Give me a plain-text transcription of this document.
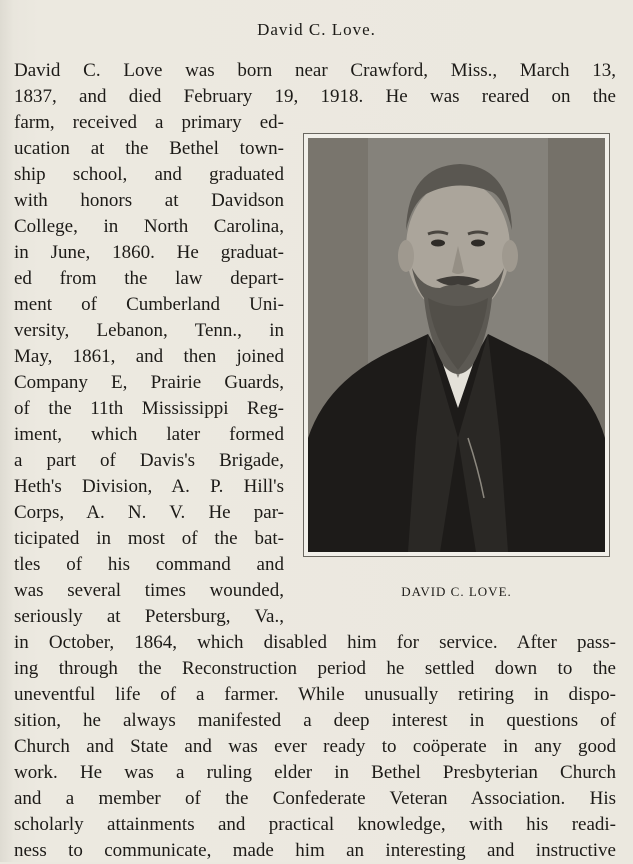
David C. Love.
David C. Love was born near Crawford, Miss., March 13,
1837, and died February 19, 1918. He was reared on the
farm, received a primary ed-
ucation at the Bethel town-
ship school, and graduated
with honors at Davidson
College, in North Carolina,
in June, 1860. He graduat-
ed from the law depart-
ment of Cumberland Uni-
versity, Lebanon, Tenn., in
May, 1861, and then joined
Company E, Prairie Guards,
of the 11th Mississippi Reg-
iment, which later formed
a part of Davis's Brigade,
Heth's Division, A. P. Hill's
Corps, A. N. V. He par-
ticipated in most of the bat-
tles of his command and
was several times wounded,
seriously at Petersburg, Va.,
in October, 1864, which disabled him for service. After pass-
ing through the Reconstruction period he settled down to the
uneventful life of a farmer. While unusually retiring in dispo-
sition, he always manifested a deep interest in questions of
Church and State and was ever ready to coöperate in any good
work. He was a ruling elder in Bethel Presbyterian Church
and a member of the Confederate Veteran Association. His
scholarly attainments and practical knowledge, with his readi-
ness to communicate, made him an interesting and instructive
DAVID C. LOVE.
